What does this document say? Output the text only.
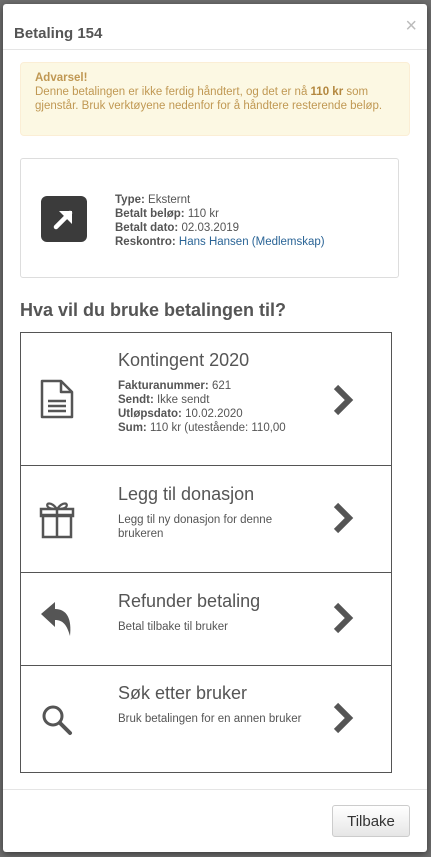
Betaling 154	×
Advarsel!
Denne betalingen er ikke ferdig håndtert, og det er nå 110 kr som gjenstår. Bruk verktøyene nedenfor for å håndtere resterende beløp.
Type: Eksternt
Betalt beløp: 110 kr
Betalt dato: 02.03.2019
Reskontro: Hans Hansen (Medlemskap)
Hva vil du bruke betalingen til?
Kontingent 2020
Fakturanummer: 621
Sendt: Ikke sendt
Utløpsdato: 10.02.2020
Sum: 110 kr (utestående: 110,00
Legg til donasjon
Legg til ny donasjon for denne brukeren
Refunder betaling
Betal tilbake til bruker
Søk etter bruker
Bruk betalingen for en annen bruker
Tilbake
